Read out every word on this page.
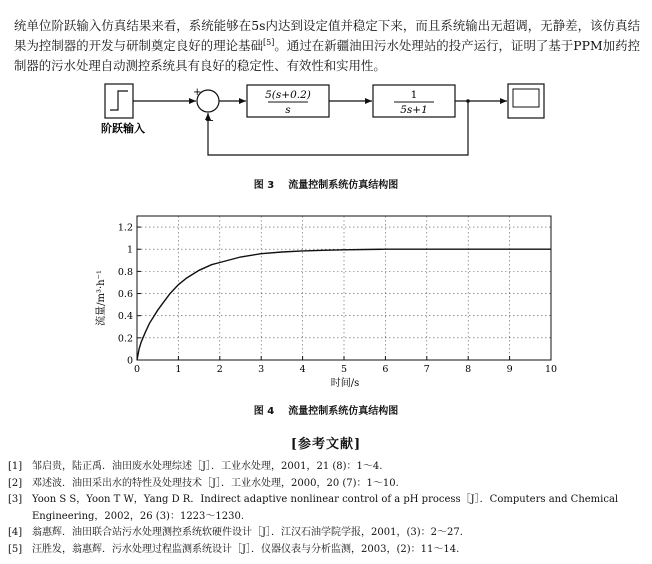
统单位阶跃输入仿真结果来看，系统能够在5s内达到设定值并稳定下来，而且系统输出无超调，无静差，该仿真结果为控制器的开发与研制奠定良好的理论基础[5]。通过在新疆油田污水处理站的投产运行，证明了基于PPM加药控制器的污水处理自动测控系统具有良好的稳定性、有效性和实用性。

阶跃输入
+
−
5(s+0.2)
s
1
5s+1
图 3 流量控制系统仿真结构图
流量/m³·h⁻¹
时间/s
0	1	2	3	4	5	6	7	8	9	10
0
0.2
0.4
0.6
0.8
1
1.2
图 4 流量控制系统仿真结构图
[参考文献]
[1] 邹启贵，陆正禹．油田废水处理综述［J］．工业水处理，2001，21 (8)：1～4.
[2] 邓述波．油田采出水的特性及处理技术［J］．工业水处理，2000，20 (7)：1～10.
[3] Yoon S S，Yoon T W，Yang D R．Indirect adaptive nonlinear control of a pH process［J］．Computers and Chemical Engineering，2002，26 (3)：1223～1230.
[4] 翁惠辉．油田联合站污水处理测控系统软硬件设计［J］．江汉石油学院学报，2001，(3)：2～27.
[5] 汪胜发，翁惠辉．污水处理过程监测系统设计［J］．仪器仪表与分析监测，2003，(2)：11～14.
